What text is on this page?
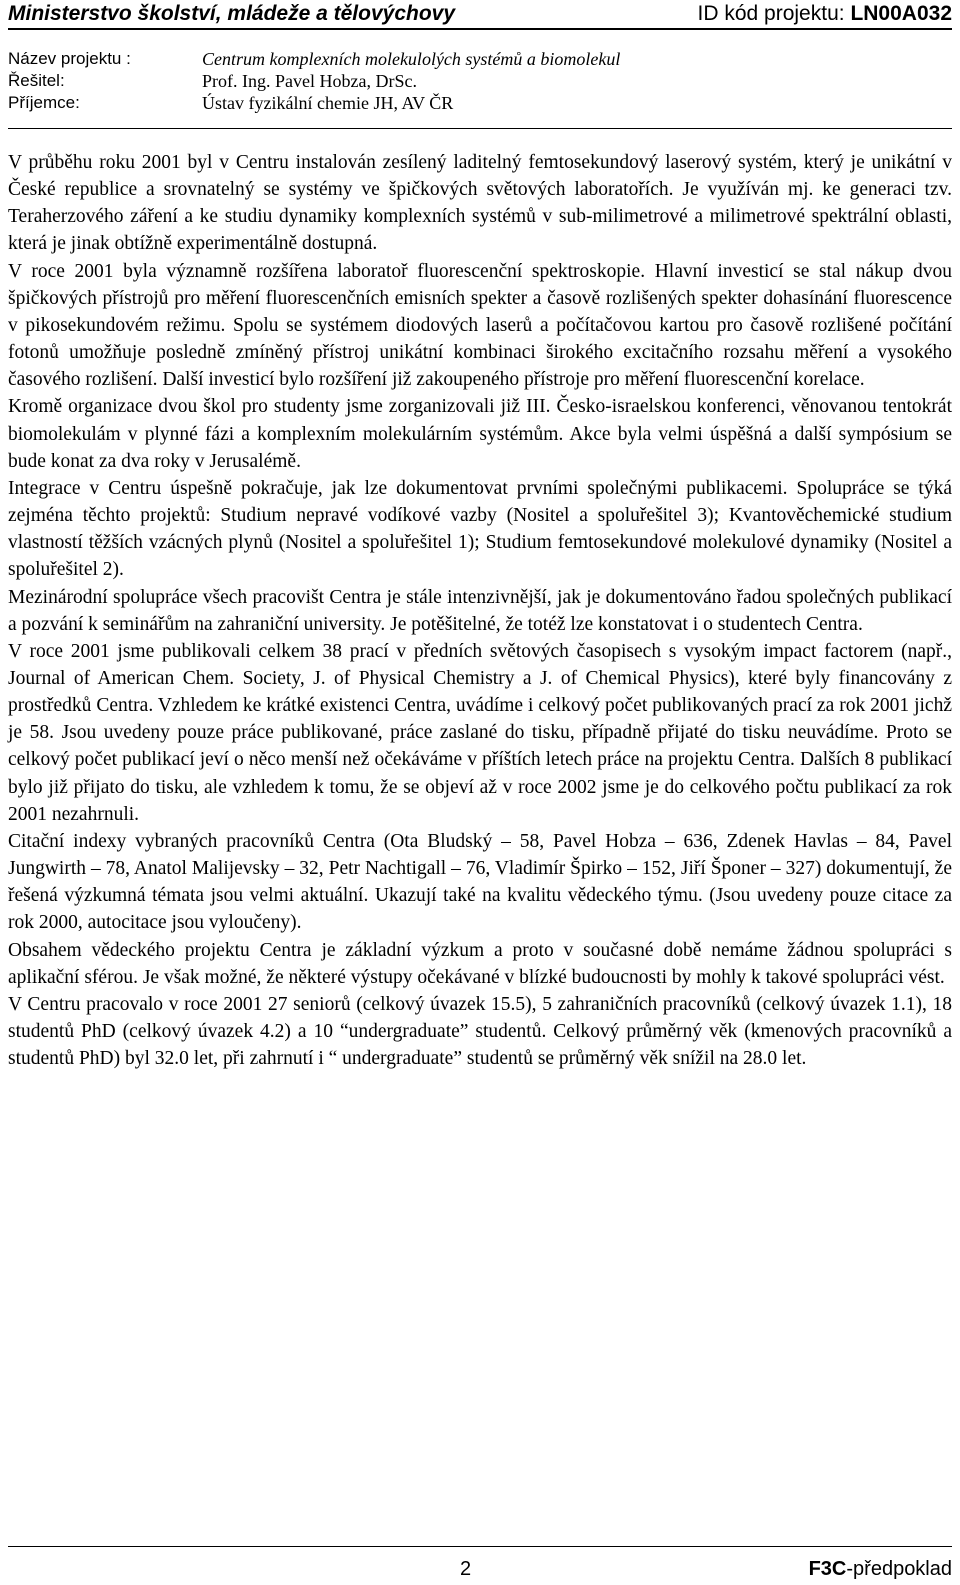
Ministerstvo školství, mládeže a tělovýchovy	ID kód projektu: LN00A032
Název projektu :	Centrum komplexních molekulolých systémů a biomolekul
Řešitel:	Prof. Ing. Pavel Hobza, DrSc.
Příjemce:	Ústav fyzikální chemie JH, AV ČR

V průběhu roku 2001 byl v Centru instalován zesílený laditelný femtosekundový laserový systém, který je unikátní v České republice a srovnatelný se systémy ve špičkových světových laboratořích. Je využíván mj. ke generaci tzv. Teraherzového záření a ke studiu dynamiky komplexních systémů v sub-milimetrové a milimetrové spektrální oblasti, která je jinak obtížně experimentálně dostupná.

V roce 2001 byla významně rozšířena laboratoř fluorescenční spektroskopie. Hlavní investicí se stal nákup dvou špičkových přístrojů pro měření fluorescenčních emisních spekter a časově rozlišených spekter dohasínání fluorescence v pikosekundovém režimu. Spolu se systémem diodových laserů a počítačovou kartou pro časově rozlišené počítání fotonů umožňuje posledně zmíněný přístroj unikátní kombinaci širokého excitačního rozsahu měření a vysokého časového rozlišení. Další investicí bylo rozšíření již zakoupeného přístroje pro měření fluorescenční korelace.

Kromě organizace dvou škol pro studenty jsme zorganizovali již III. Česko-israelskou konferenci, věnovanou tentokrát biomolekulám v plynné fázi a komplexním molekulárním systémům. Akce byla velmi úspěšná a další sympósium se bude konat za dva roky v Jerusalémě.

Integrace v Centru úspešně pokračuje, jak lze dokumentovat prvními společnými publikacemi. Spolupráce se týká zejména těchto projektů: Studium nepravé vodíkové vazby (Nositel a spoluřešitel 3); Kvantověchemické studium vlastností těžších vzácných plynů (Nositel a spoluřešitel 1); Studium femtosekundové molekulové dynamiky (Nositel a spoluřešitel 2).

Mezinárodní spolupráce všech pracovišt Centra je stále intenzivnější, jak je dokumentováno řadou společných publikací a pozvání k seminářům na zahraniční university. Je potěšitelné, že totéž lze konstatovat i o studentech Centra.

V roce 2001 jsme publikovali celkem 38 prací v předních světových časopisech s vysokým impact factorem (např., Journal of American Chem. Society, J. of Physical Chemistry a J. of Chemical Physics), které byly financovány z prostředků Centra. Vzhledem ke krátké existenci Centra, uvádíme i celkový počet publikovaných prací za rok 2001 jichž je 58. Jsou uvedeny pouze práce publikované, práce zaslané do tisku, případně přijaté do tisku neuvádíme. Proto se celkový počet publikací jeví o něco menší než očekáváme v příštích letech práce na projektu Centra. Dalších 8 publikací bylo již přijato do tisku, ale vzhledem k tomu, že se objeví až v roce 2002 jsme je do celkového počtu publikací za rok 2001 nezahrnuli.

Citační indexy vybraných pracovníků Centra (Ota Bludský – 58, Pavel Hobza – 636, Zdenek Havlas – 84, Pavel Jungwirth – 78, Anatol Malijevsky – 32, Petr Nachtigall – 76, Vladimír Špirko – 152, Jiří Šponer – 327) dokumentují, že řešená výzkumná témata jsou velmi aktuální. Ukazují také na kvalitu vědeckého týmu. (Jsou uvedeny pouze citace za rok 2000, autocitace jsou vyloučeny).

Obsahem vědeckého projektu Centra je základní výzkum a proto v současné době nemáme žádnou spolupráci s aplikační sférou. Je však možné, že některé výstupy očekávané v blízké budoucnosti by mohly k takové spolupráci vést.

V Centru pracovalo v roce 2001 27 seniorů (celkový úvazek 15.5), 5 zahraničních pracovníků (celkový úvazek 1.1), 18 studentů PhD (celkový úvazek 4.2) a 10 “undergraduate” studentů. Celkový průměrný věk (kmenových pracovníků a studentů PhD) byl 32.0 let, při zahrnutí i “ undergraduate” studentů se průměrný věk snížil na 28.0 let.

2	F3C-předpoklad
